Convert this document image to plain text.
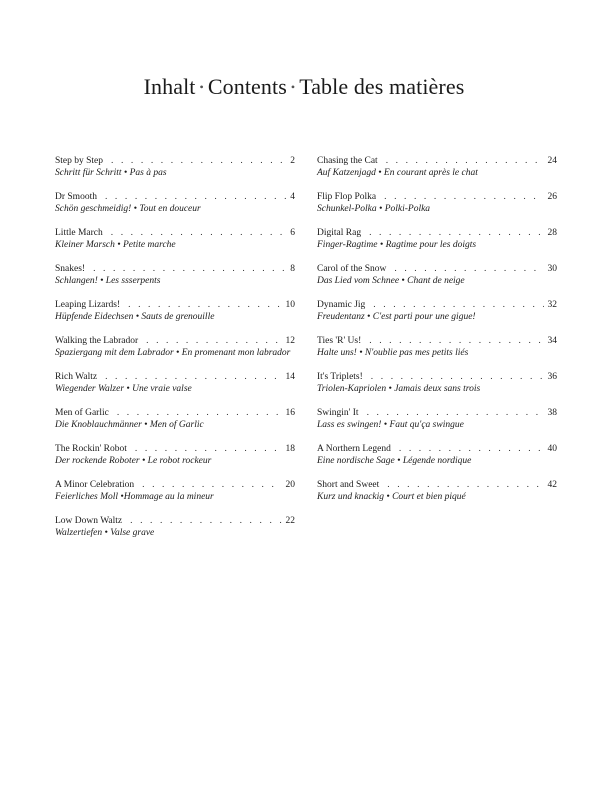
Inhalt • Contents • Table des matières
Step by Step . . .	2
Schritt für Schritt • Pas à pas
Dr Smooth . . .	4
Schön geschmeidig! • Tout en douceur
Little March . . .	6
Kleiner Marsch • Petite marche
Snakes! . . .	8
Schlangen! • Les ssserpents
Leaping Lizards! . . .	10
Hüpfende Eidechsen • Sauts de grenouille
Walking the Labrador . . .	12
Spaziergang mit dem Labrador • En promenant mon labrador
Rich Waltz . . .	14
Wiegender Walzer • Une vraie valse
Men of Garlic . . .	16
Die Knoblauchmänner • Men of Garlic
The Rockin' Robot . . .	18
Der rockende Roboter • Le robot rockeur
A Minor Celebration . . .	20
Feierliches Moll •Hommage au la mineur
Low Down Waltz . . .	22
Walzertiefen • Valse grave
Chasing the Cat . . .	24
Auf Katzenjagd • En courant après le chat
Flip Flop Polka . . .	26
Schunkel-Polka • Polki-Polka
Digital Rag . . .	28
Finger-Ragtime • Ragtime pour les doigts
Carol of the Snow . . .	30
Das Lied vom Schnee • Chant de neige
Dynamic Jig . . .	32
Freudentanz • C'est parti pour une gigue!
Ties 'R' Us! . . .	34
Halte uns! • N'oublie pas mes petits liés
It's Triplets! . . .	36
Triolen-Kapriolen • Jamais deux sans trois
Swingin' It . . .	38
Lass es swingen! • Faut qu'ça swingue
A Northern Legend . . .	40
Eine nordische Sage • Légende nordique
Short and Sweet . . .	42
Kurz und knackig • Court et bien piqué
